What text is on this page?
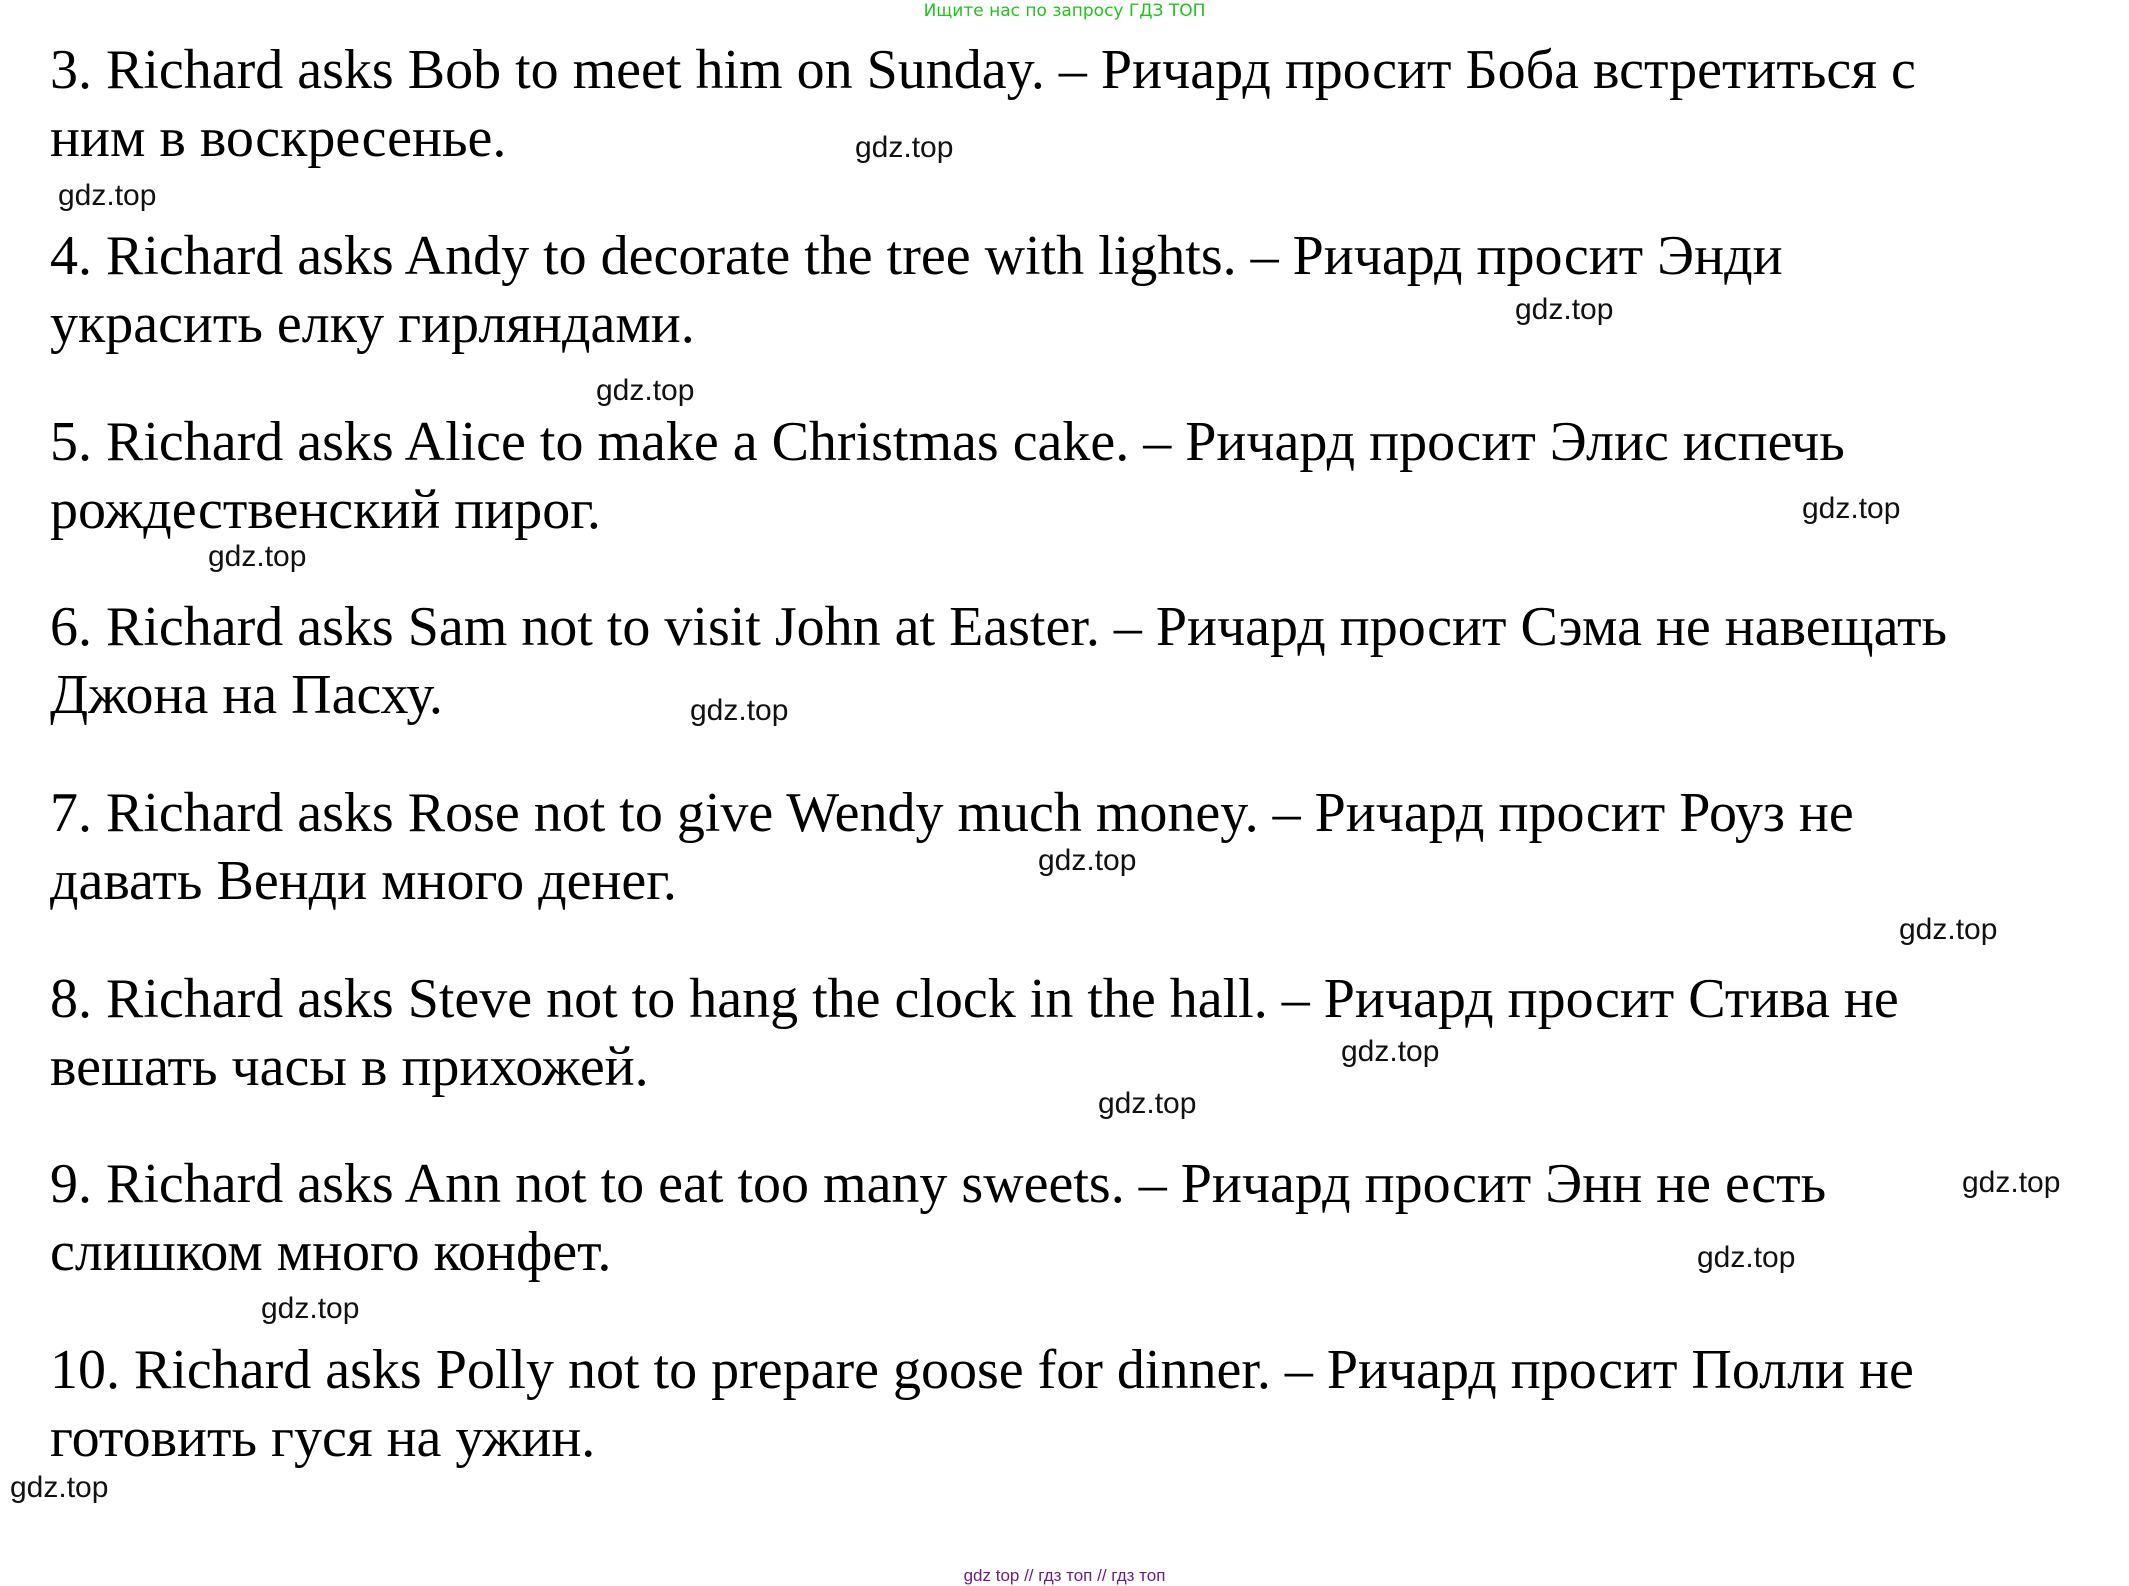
Ищите нас по запросу ГДЗ ТОП
3. Richard asks Bob to meet him on Sunday. – Ричард просит Боба встретиться с
ним в воскресенье.
4. Richard asks Andy to decorate the tree with lights. – Ричард просит Энди
украсить елку гирляндами.
5. Richard asks Alice to make a Christmas cake. – Ричард просит Элис испечь
рождественский пирог.
6. Richard asks Sam not to visit John at Easter. – Ричард просит Сэма не навещать
Джона на Пасху.
7. Richard asks Rose not to give Wendy much money. – Ричард просит Роуз не
давать Венди много денег.
8. Richard asks Steve not to hang the clock in the hall. – Ричард просит Стива не
вешать часы в прихожей.
9. Richard asks Ann not to eat too many sweets. – Ричард просит Энн не есть
слишком много конфет.
10. Richard asks Polly not to prepare goose for dinner. – Ричард просит Полли не
готовить гуся на ужин.
gdz.top
gdz.top
gdz.top
gdz.top
gdz.top
gdz.top
gdz.top
gdz.top
gdz.top
gdz.top
gdz.top
gdz.top
gdz.top
gdz.top
gdz.top
gdz top // гдз топ // гдз топ
